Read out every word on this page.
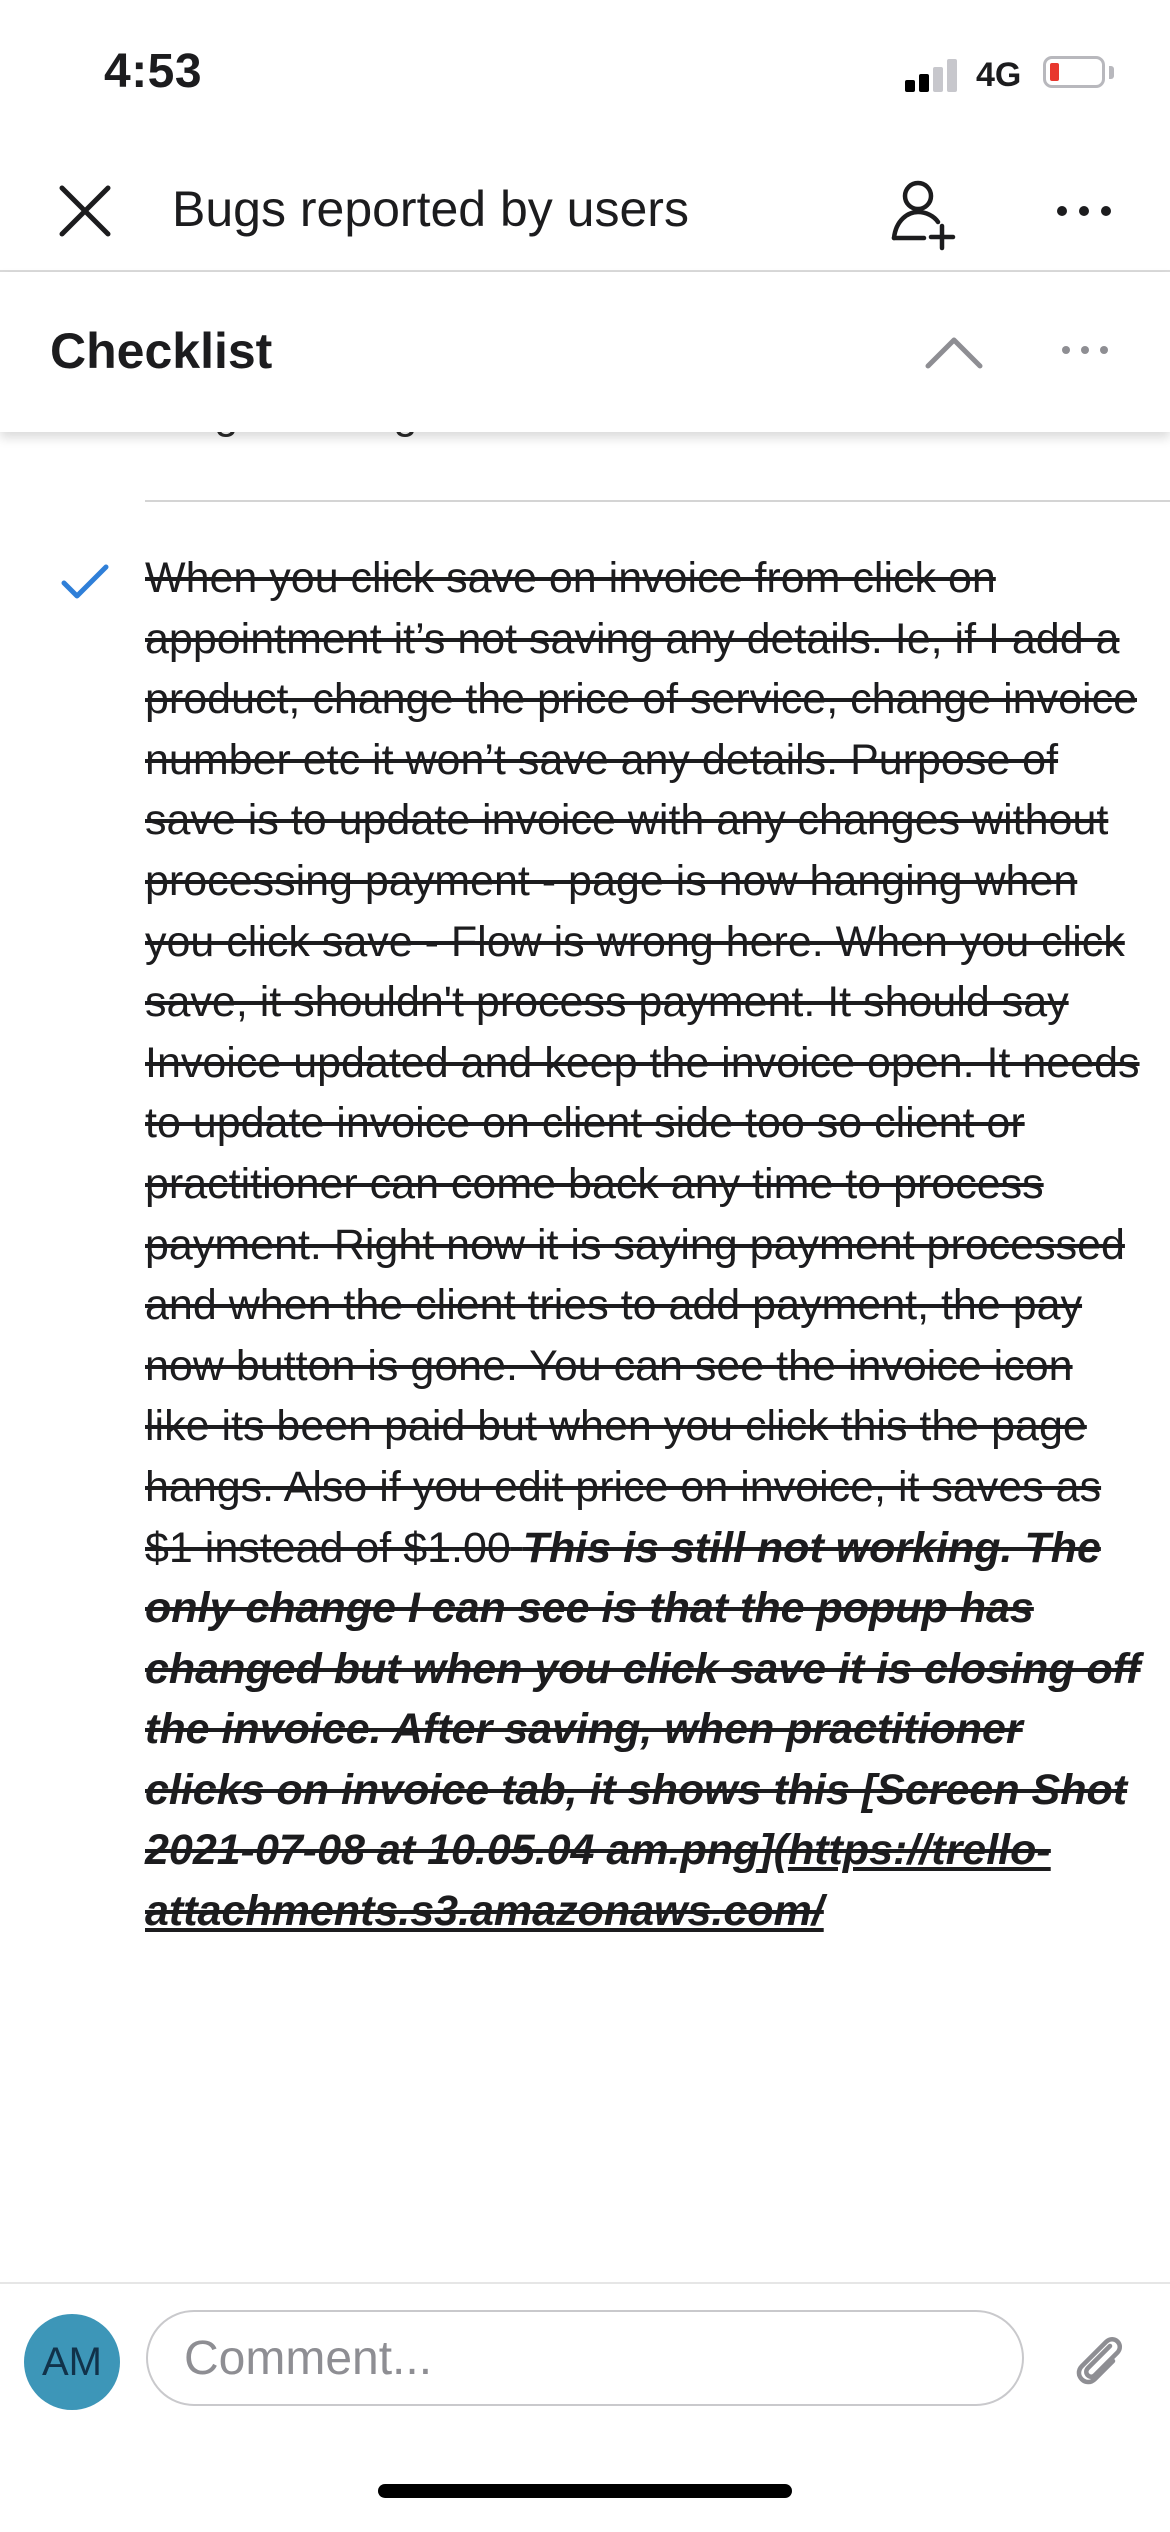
4:53	4G
Bugs reported by users
When you click save on invoice from click on appointment it’s not saving any details. Ie, if I add a product, change the price of service, change invoice number etc it won’t save any details. Purpose of save is to update invoice with any changes without processing payment - page is now hanging when you click save - Flow is wrong here. When you click save, it shouldn't process payment. It should say Invoice updated and keep the invoice open. It needs to update invoice on client side too so client or practitioner can come back any time to process payment. Right now it is saying payment processed and when the client tries to add payment, the pay now button is gone. You can see the invoice icon like its been paid but when you click this the page hangs. Also if you edit price on invoice, it saves as $1 instead of $1.00 This is still not working. The only change I can see is that the popup has changed but when you click save it is closing off the invoice. After saving, when practitioner clicks on invoice tab, it shows this [Screen Shot 2021-07-08 at 10.05.04 am.png](https://trello-attachments.s3.amazonaws.com/
Checklist
AM
Comment...
